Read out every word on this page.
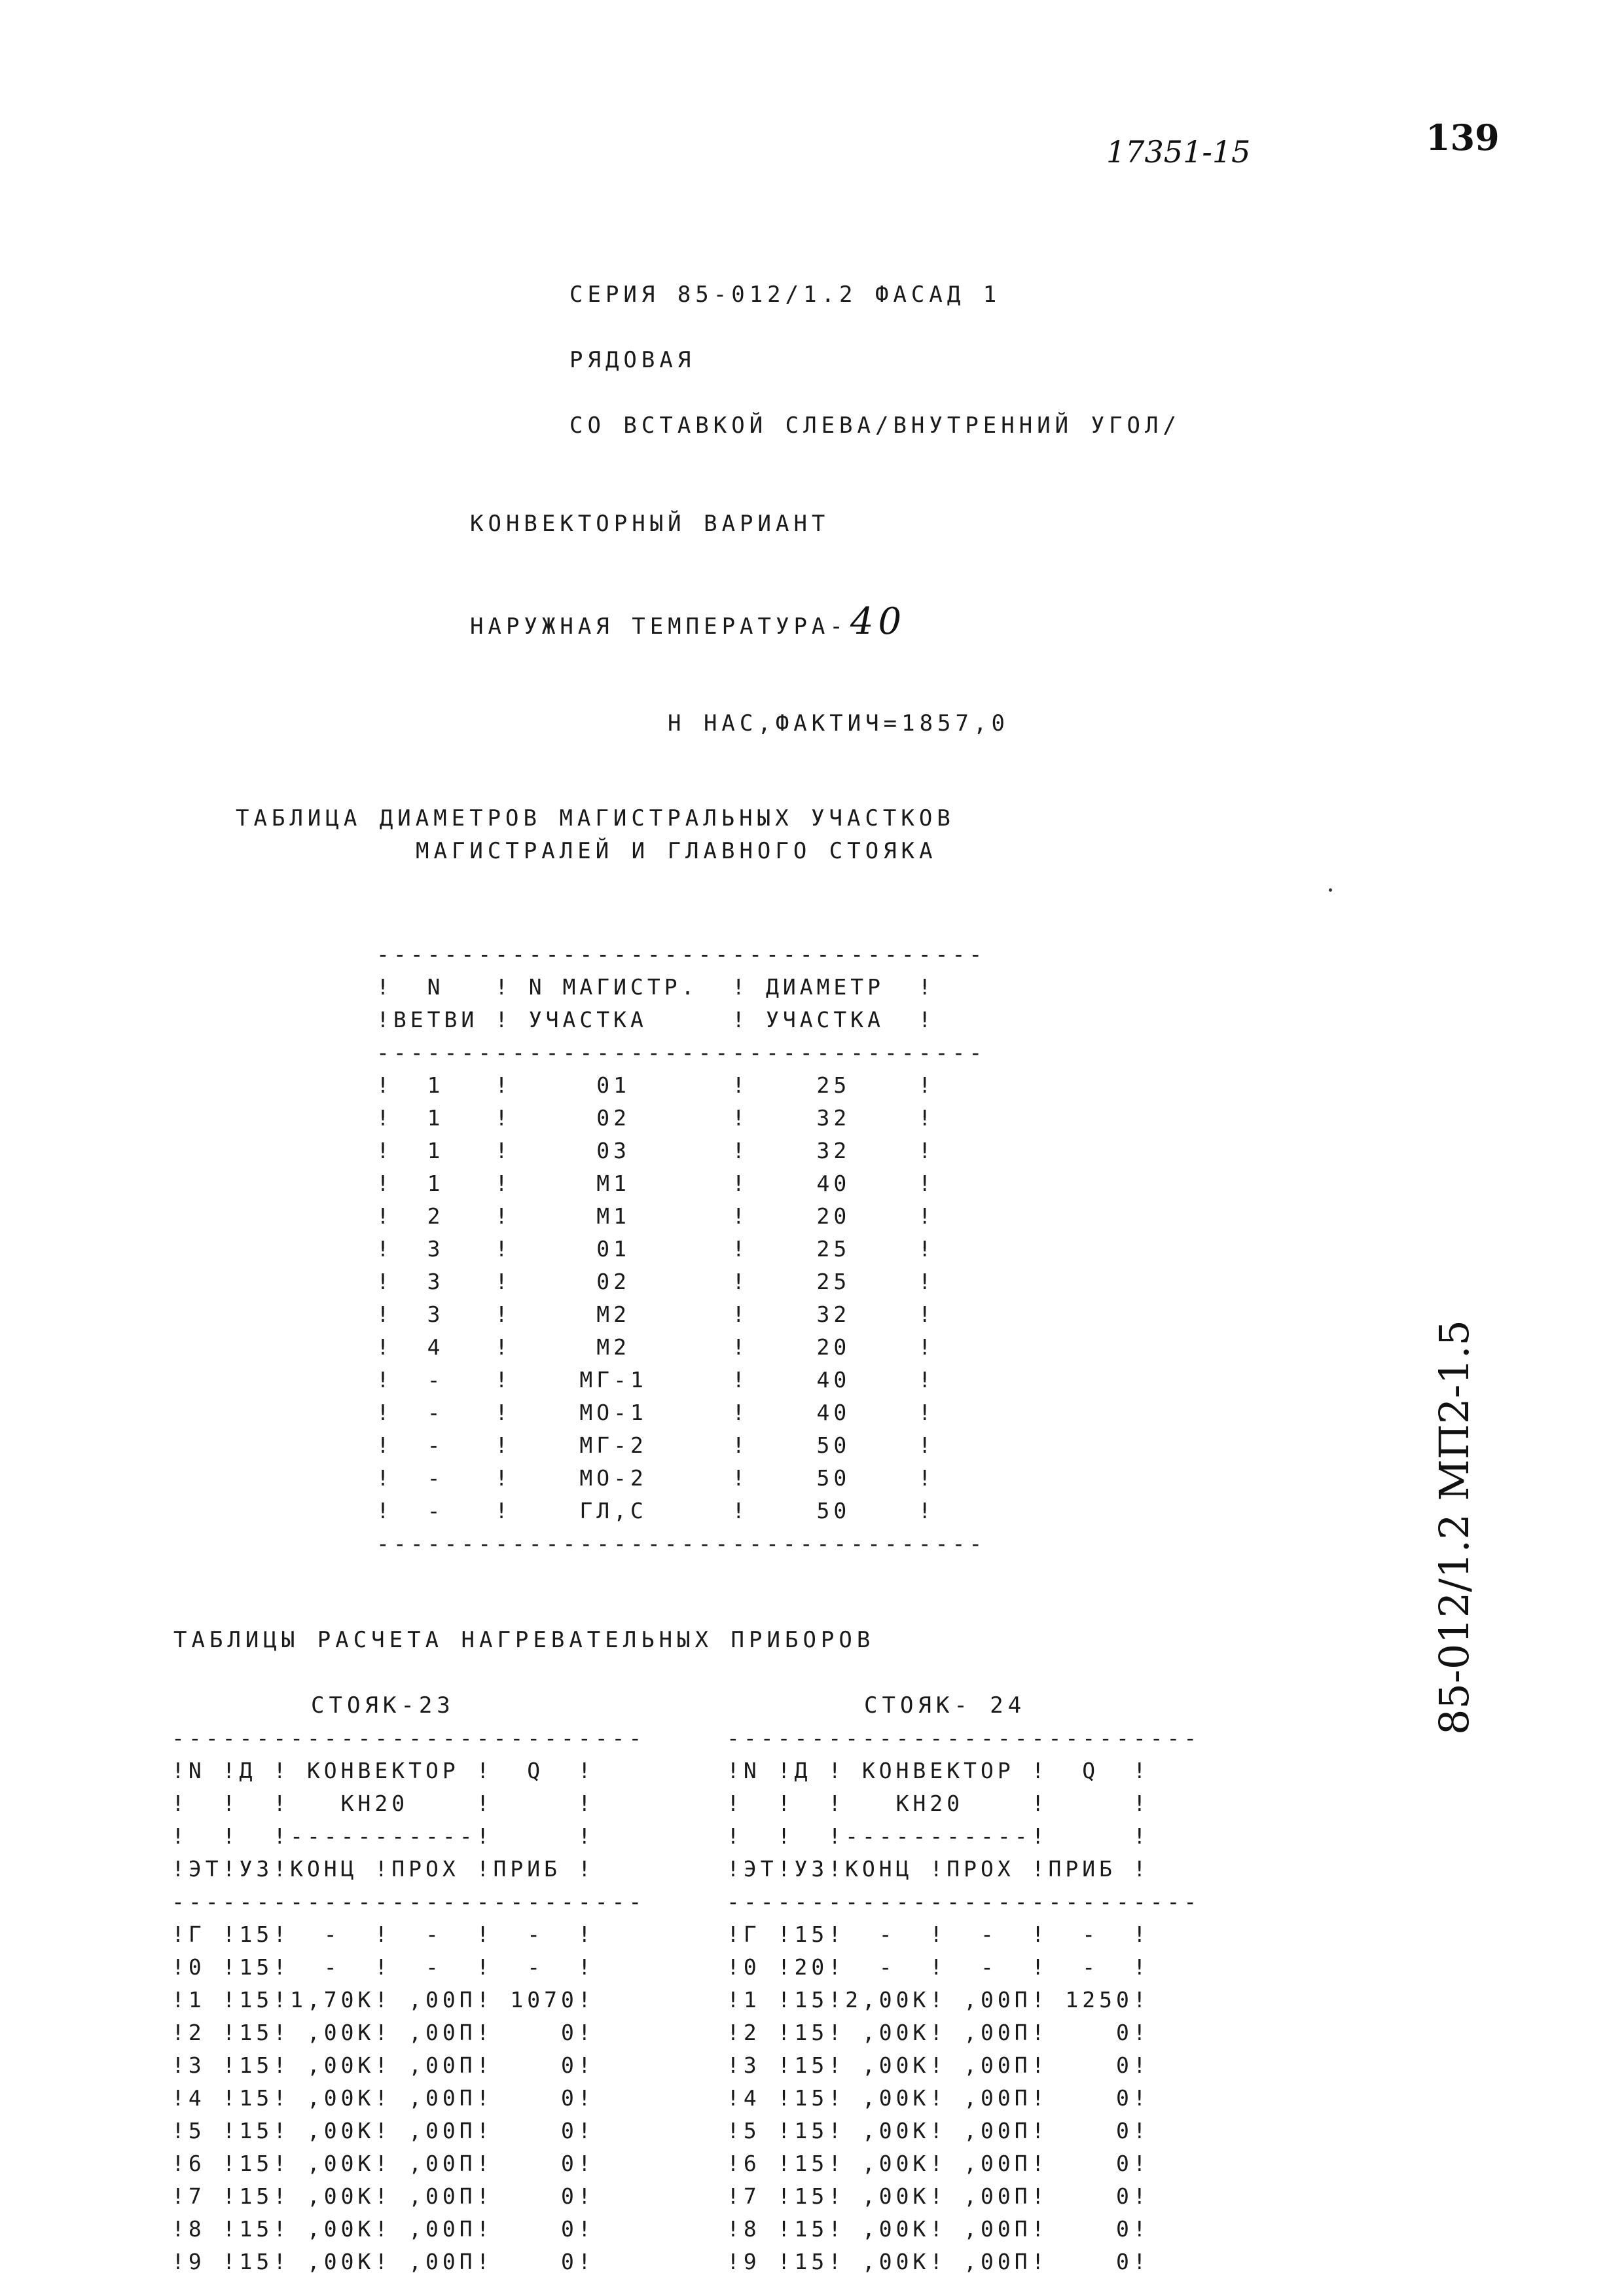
17351-15	139
85-012/1.2 МП2-1.5
СЕРИЯ 85-012/1.2 ФАСАД 1
РЯДОВАЯ
СО ВСТАВКОЙ СЛЕВА/ВНУТРЕННИЙ УГОЛ/
КОНВЕКТОРНЫЙ ВАРИАНТ
НАРУЖНАЯ ТЕМПЕРАТУРА-40
Н НАС,ФАКТИЧ=1857,0
ТАБЛИЦА ДИАМЕТРОВ МАГИСТРАЛЬНЫХ УЧАСТКОВ
МАГИСТРАЛЕЙ И ГЛАВНОГО СТОЯКА
------------------------------------
!  N   ! N МАГИСТР.  ! ДИАМЕТР  !
!ВЕТВИ ! УЧАСТКА     ! УЧАСТКА  !
------------------------------------
!  1   !     01      !    25    !
!  1   !     02      !    32    !
!  1   !     03      !    32    !
!  1   !     М1      !    40    !
!  2   !     М1      !    20    !
!  3   !     01      !    25    !
!  3   !     02      !    25    !
!  3   !     М2      !    32    !
!  4   !     М2      !    20    !
!  -   !    МГ-1     !    40    !
!  -   !    МО-1     !    40    !
!  -   !    МГ-2     !    50    !
!  -   !    МО-2     !    50    !
!  -   !    ГЛ,С     !    50    !
------------------------------------
ТАБЛИЦЫ РАСЧЕТА НАГРЕВАТЕЛЬНЫХ ПРИБОРОВ
СТОЯК-23	СТОЯК- 24
----------------------------
!N !Д ! КОНВЕКТОР !  Q  !
!  !  !   КН20    !     !
!  !  !-----------!     !
!ЭТ!УЗ!КОНЦ !ПРОХ !ПРИБ !
----------------------------
!Г !15!  -  !  -  !  -  !
!0 !15!  -  !  -  !  -  !
!1 !15!1,70К! ,00П! 1070!
!2 !15! ,00К! ,00П!    0!
!3 !15! ,00К! ,00П!    0!
!4 !15! ,00К! ,00П!    0!
!5 !15! ,00К! ,00П!    0!
!6 !15! ,00К! ,00П!    0!
!7 !15! ,00К! ,00П!    0!
!8 !15! ,00К! ,00П!    0!
!9 !15! ,00К! ,00П!    0!
----------------------------
!N !Д ! КОНВЕКТОР !  Q  !
!  !  !   КН20    !     !
!  !  !-----------!     !
!ЭТ!УЗ!КОНЦ !ПРОХ !ПРИБ !
----------------------------
!Г !15!  -  !  -  !  -  !
!0 !20!  -  !  -  !  -  !
!1 !15!2,00К! ,00П! 1250!
!2 !15! ,00К! ,00П!    0!
!3 !15! ,00К! ,00П!    0!
!4 !15! ,00К! ,00П!    0!
!5 !15! ,00К! ,00П!    0!
!6 !15! ,00К! ,00П!    0!
!7 !15! ,00К! ,00П!    0!
!8 !15! ,00К! ,00П!    0!
!9 !15! ,00К! ,00П!    0!
